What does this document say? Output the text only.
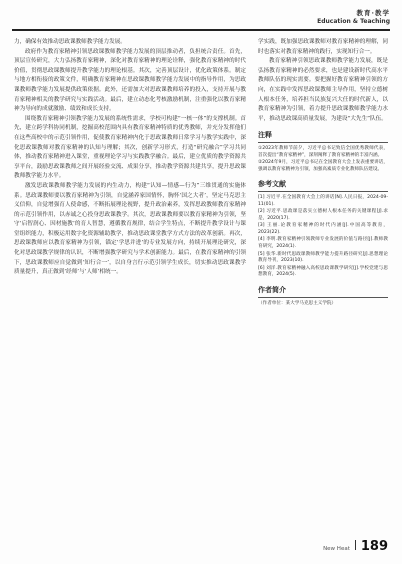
教育·教学
Education & Teaching

力，确保有效推动思政课教师教学能力发展。

政府作为教育家精神引领思政课教师教学能力发展的顶层推动者，负担统合责任。首先，顶层宣传研究，大力弘扬教育家精神，深化对教育家精神的理论诠释，强化教育家精神的时代价值，贯彻思政课教师提升教学能力的理论根基。其次，完善顶层设计，优化政策体系。制定与地方相衔接的政策文件，明确教育家精神在思政课教师教学能力发展中的指导作用，为思政课教师教学能力发展提供政策依据。此外，还需加大对思政课教师培养的投入，支持开展与教育家精神相关的教学研究与实践活动。最后，建立动态化考核激励机制，注重强化以教育家精神为导向的成就激励、绩效和成长支持。

围绕教育家精神引领教学能力发展的系统性需求，学校可构建“一核一体”的支撑机制。首先，建立跨学科协同机制，挖掘高校范围内具有教育家精神特质的优秀教师，并充分发挥他们在这些高校中的示范引领作用，促使教育家精神内化于思政课教师日常学习与教学实践中，深化思政课教师对教育家精神的认知与理解；其次，创新学习形式，打造“研究融合”学习共同体，推动教育家精神进入课堂，重视理论学习与实践教学融合。最后，建立优质的教学资源共享平台，鼓励思政课教师之间开展经验交流、成果分享，推动教学资源共建共享，提升思政课教师教学能力水平。

激发思政课教师教学能力发展的内生动力，构建“认知—情感—行为”三维贯通的实施体系。思政课教师要以教育家精神为引领，自觉涵养家国情怀，胸怀‘国之大者’，坚定马克思主义信仰，自觉增强育人使命感，不断拓展理论视野，提升政治素养，发挥思政教师教育家精神的示范引领作用，以赤诚之心投身思政课教学。其次，思政课教师要以教育家精神为引领，坚守‘启智润心、因材施教’的育人智慧，遵循教育规律，结合学生特点，不断提升教学设计与课堂组织能力，积极运用数字化资源辅助教学，推动思政课堂教学方式方法的改革创新。再次，思政课教师应以教育家精神为引领，锚定‘学思并进’的专业发展方向，持续开展理论研究，深化对思政课教学规律的认识，不断增强教学研究与学术创新能力。最后，在教育家精神的引领下，思政课教师应自觉做到‘知行合一’，以自身言行示范引领学生成长，切实推动思政课教学质量提升，真正做到‘经师’与‘人师’相统一。

学实践，既加强思政课教师对教育家精神的理解，同时也落实对教育家精神的践行，实现知行合一。

教育家精神引领思政课教师教学能力发展，既是弘扬教育家精神的必然要求，也是建设新时代高水平教师队伍的现实需要。要把握好教育家精神引领的方向，在实践中发挥思政课教师主导作用，坚持立德树人根本任务，培养担当民族复兴大任的时代新人，以教育家精神为引领，着力提升思政课教师教学能力水平，推动思政课高质量发展，为建设“大先生”队伍。

注释

①2023年教师节前夕，习近平总书记致信全国优秀教师代表，首次提出“教育家精神”，深刻阐释了教育家精神的丰富内涵。

②2024年9月，习近平总书记在全国教育大会上发表重要讲话，强调以教育家精神为引领，加强高素质专业化教师队伍建设。

参考文献

[1] 习近平.在全国教育大会上的讲话[N].人民日报，2024-09-11(01).

[2] 习近平.思政课是落实立德树人根本任务的关键课程[J].求是，2020(17).

[3] 王丽.论教育家精神的时代内涵[J].中国高等教育，2023(22).

[4] 李明.教育家精神引领教师专业发展的价值与路径[J].教师教育研究，2024(1).

[5] 张华.新时代思政课教师教学能力提升路径研究[J].思想理论教育导刊，2023(10).

[6] 刘洋.教育家精神融入高校思政课教学研究[J].学校党建与思想教育，2024(5).

作者简介

（作者单位：某大学马克思主义学院）

New Heat 189
